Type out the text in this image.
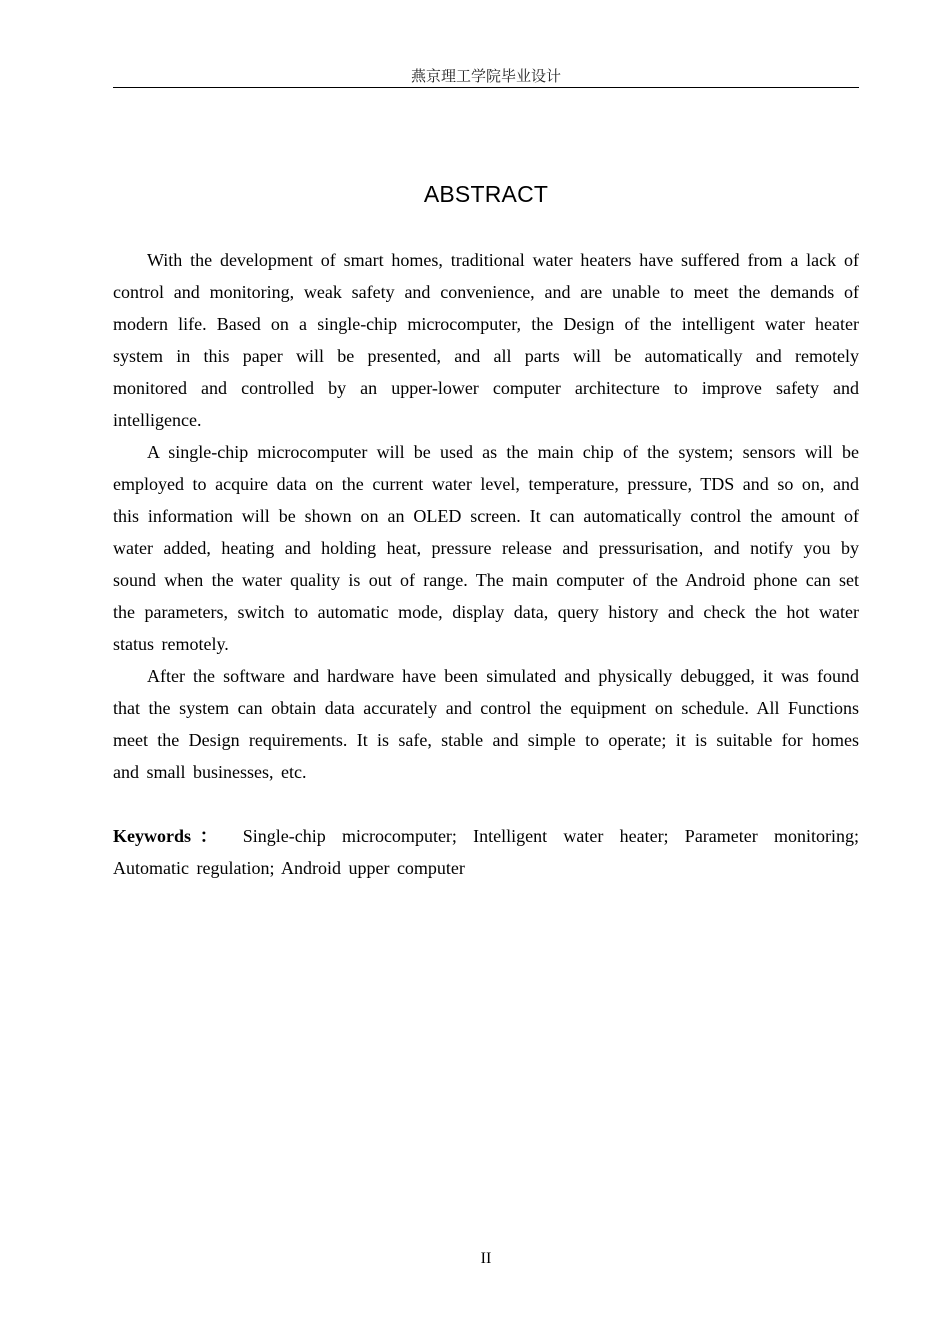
燕京理工学院毕业设计
ABSTRACT

With the development of smart homes, traditional water heaters have suffered from a lack of control and monitoring, weak safety and convenience, and are unable to meet the demands of modern life. Based on a single-chip microcomputer, the Design of the intelligent water heater system in this paper will be presented, and all parts will be automatically and remotely monitored and controlled by an upper-lower computer architecture to improve safety and intelligence.

A single-chip microcomputer will be used as the main chip of the system; sensors will be employed to acquire data on the current water level, temperature, pressure, TDS and so on, and this information will be shown on an OLED screen. It can automatically control the amount of water added, heating and holding heat, pressure release and pressurisation, and notify you by sound when the water quality is out of range. The main computer of the Android phone can set the parameters, switch to automatic mode, display data, query history and check the hot water status remotely.

After the software and hardware have been simulated and physically debugged, it was found that the system can obtain data accurately and control the equipment on schedule. All Functions meet the Design requirements. It is safe, stable and simple to operate; it is suitable for homes and small businesses, etc.

Keywords： Single-chip microcomputer; Intelligent water heater; Parameter monitoring; Automatic regulation; Android upper computer

II
